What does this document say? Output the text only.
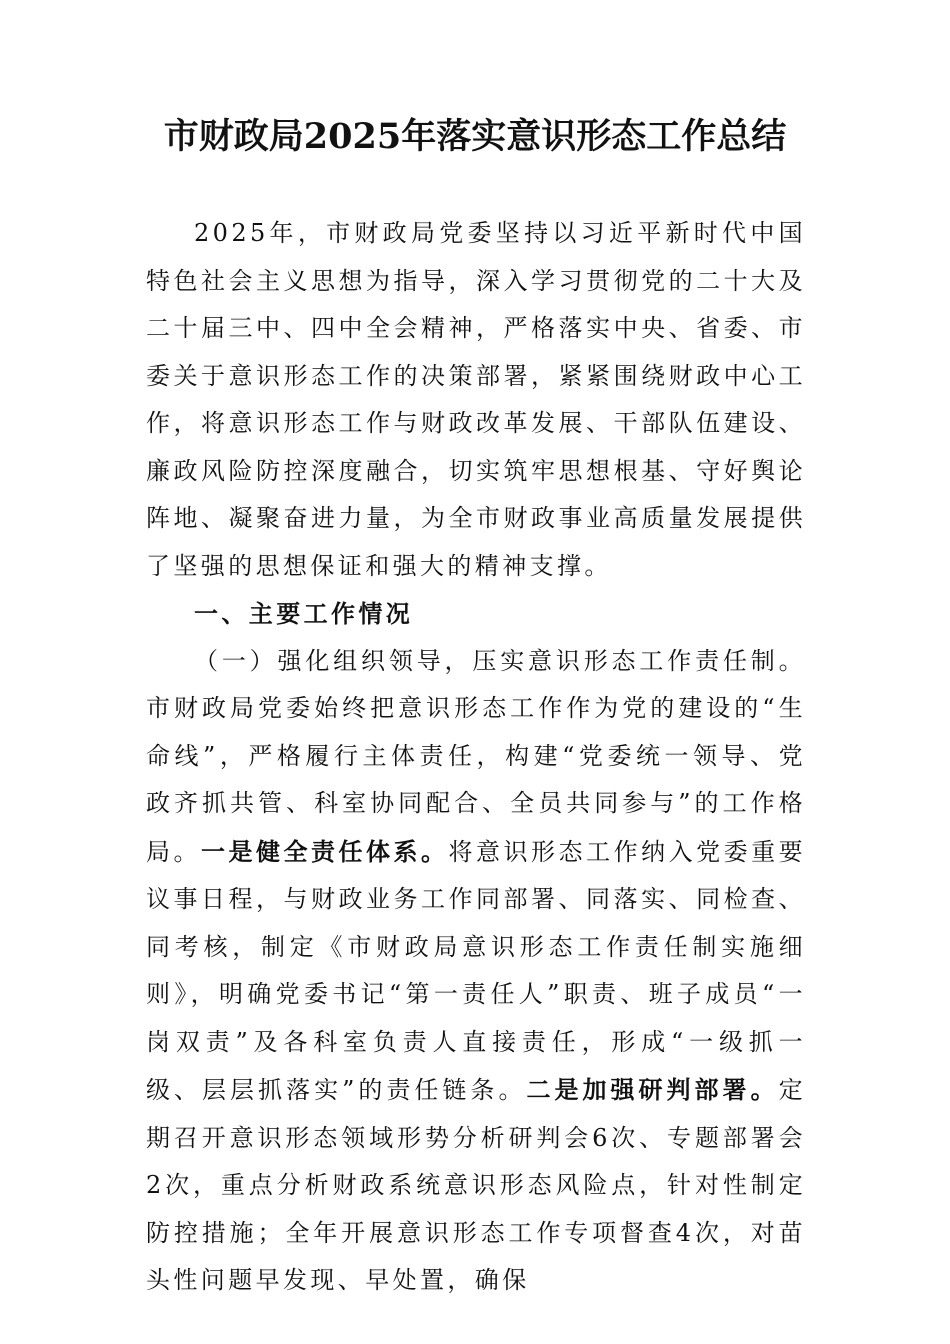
市财政局2025年落实意识形态工作总结

2025年，市财政局党委坚持以习近平新时代中国特色社会主义思想为指导，深入学习贯彻党的二十大及二十届三中、四中全会精神，严格落实中央、省委、市委关于意识形态工作的决策部署，紧紧围绕财政中心工作，将意识形态工作与财政改革发展、干部队伍建设、廉政风险防控深度融合，切实筑牢思想根基、守好舆论阵地、凝聚奋进力量，为全市财政事业高质量发展提供了坚强的思想保证和强大的精神支撑。

一、主要工作情况

（一）强化组织领导，压实意识形态工作责任制。市财政局党委始终把意识形态工作作为党的建设的“生命线”，严格履行主体责任，构建“党委统一领导、党政齐抓共管、科室协同配合、全员共同参与”的工作格局。一是健全责任体系。将意识形态工作纳入党委重要议事日程，与财政业务工作同部署、同落实、同检查、同考核，制定《市财政局意识形态工作责任制实施细则》，明确党委书记“第一责任人”职责、班子成员“一岗双责”及各科室负责人直接责任，形成“一级抓一级、层层抓落实”的责任链条。二是加强研判部署。定期召开意识形态领域形势分析研判会6次、专题部署会2次，重点分析财政系统意识形态风险点，针对性制定防控措施；全年开展意识形态工作专项督查4次，对苗头性问题早发现、早处置，确保
